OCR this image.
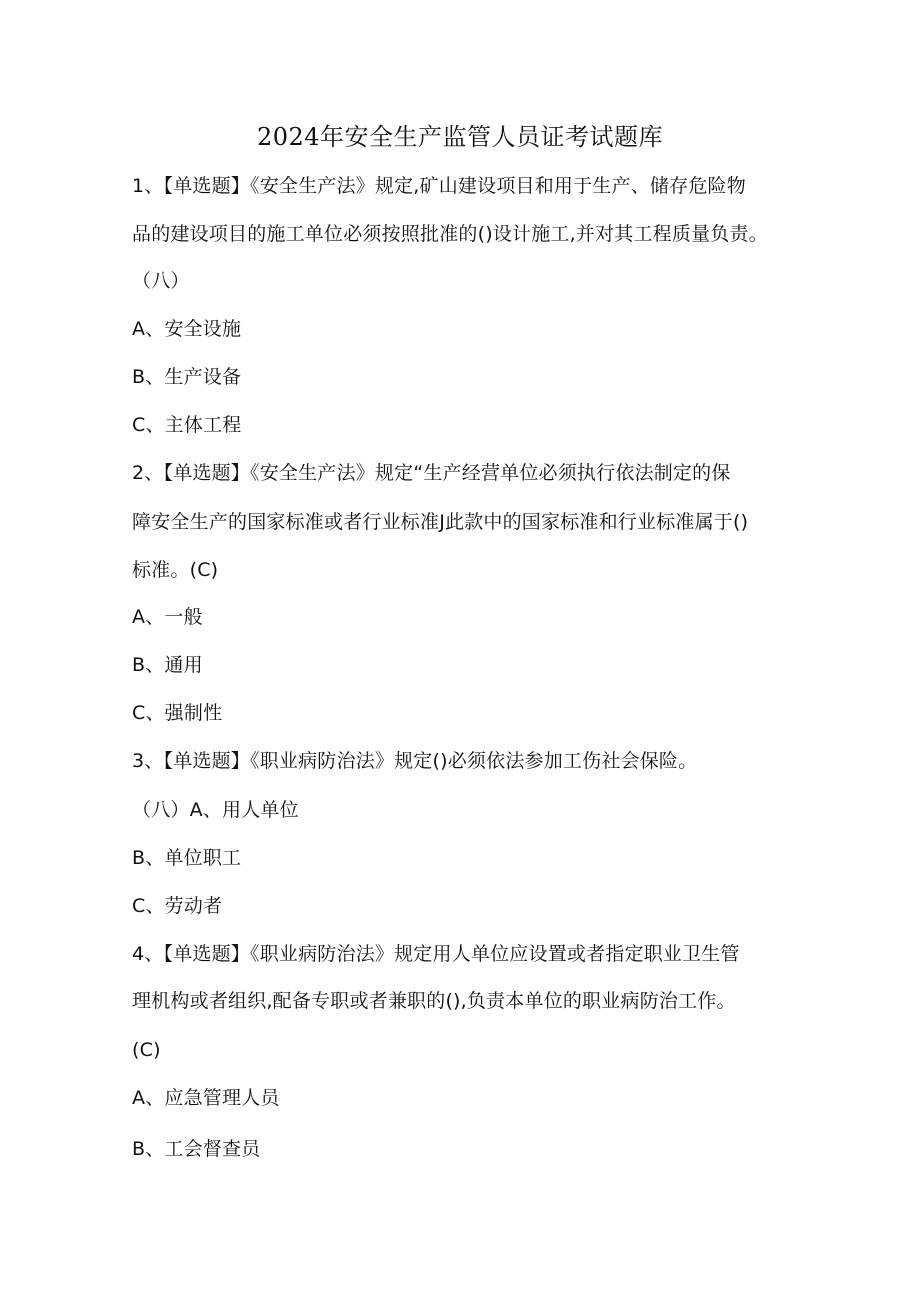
2024年安全生产监管人员证考试题库
1、【单选题】《安全生产法》规定,矿山建设项目和用于生产、储存危险物
品的建设项目的施工单位必须按照批准的()设计施工,并对其工程质量负责。
（八）
A、安全设施
B、生产设备
C、主体工程
2、【单选题】《安全生产法》规定“生产经营单位必须执行依法制定的保
障安全生产的国家标准或者行业标准J此款中的国家标准和行业标准属于()
标准。(C)
A、一般
B、通用
C、强制性
3、【单选题】《职业病防治法》规定()必须依法参加工伤社会保险。
（八）A、用人单位
B、单位职工
C、劳动者
4、【单选题】《职业病防治法》规定用人单位应设置或者指定职业卫生管
理机构或者组织,配备专职或者兼职的(),负责本单位的职业病防治工作。
(C)
A、应急管理人员
B、工会督查员
